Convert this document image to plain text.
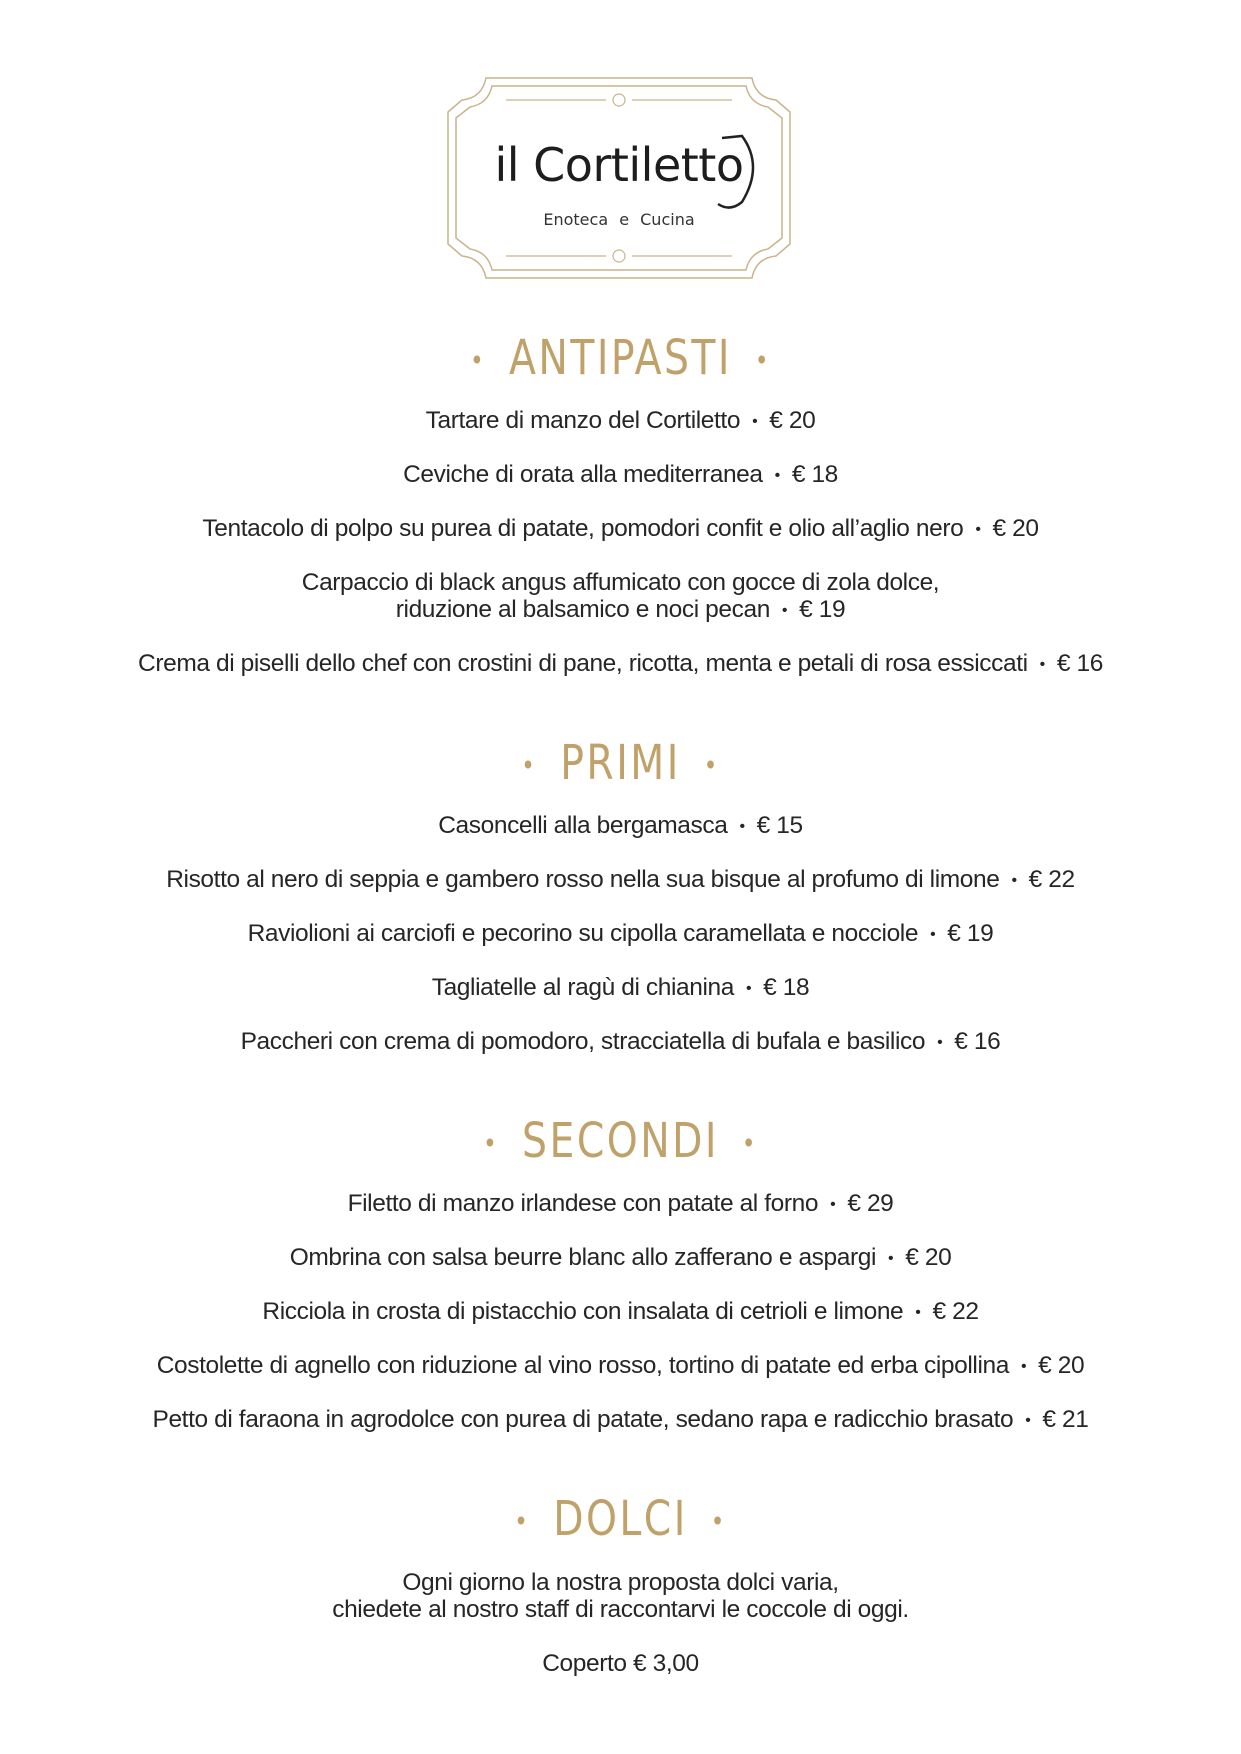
il Cortiletto
Enoteca e Cucina
• ANTIPASTI •
Tartare di manzo del Cortiletto • € 20
Ceviche di orata alla mediterranea • € 18
Tentacolo di polpo su purea di patate, pomodori confit e olio all’aglio nero • € 20
Carpaccio di black angus affumicato con gocce di zola dolce,
riduzione al balsamico e noci pecan • € 19
Crema di piselli dello chef con crostini di pane, ricotta, menta e petali di rosa essiccati • € 16
• PRIMI •
Casoncelli alla bergamasca • € 15
Risotto al nero di seppia e gambero rosso nella sua bisque al profumo di limone • € 22
Raviolioni ai carciofi e pecorino su cipolla caramellata e nocciole • € 19
Tagliatelle al ragù di chianina • € 18
Paccheri con crema di pomodoro, stracciatella di bufala e basilico • € 16
• SECONDI •
Filetto di manzo irlandese con patate al forno • € 29
Ombrina con salsa beurre blanc allo zafferano e aspargi • € 20
Ricciola in crosta di pistacchio con insalata di cetrioli e limone • € 22
Costolette di agnello con riduzione al vino rosso, tortino di patate ed erba cipollina • € 20
Petto di faraona in agrodolce con purea di patate, sedano rapa e radicchio brasato • € 21
• DOLCI •
Ogni giorno la nostra proposta dolci varia,
chiedete al nostro staff di raccontarvi le coccole di oggi.
Coperto € 3,00
